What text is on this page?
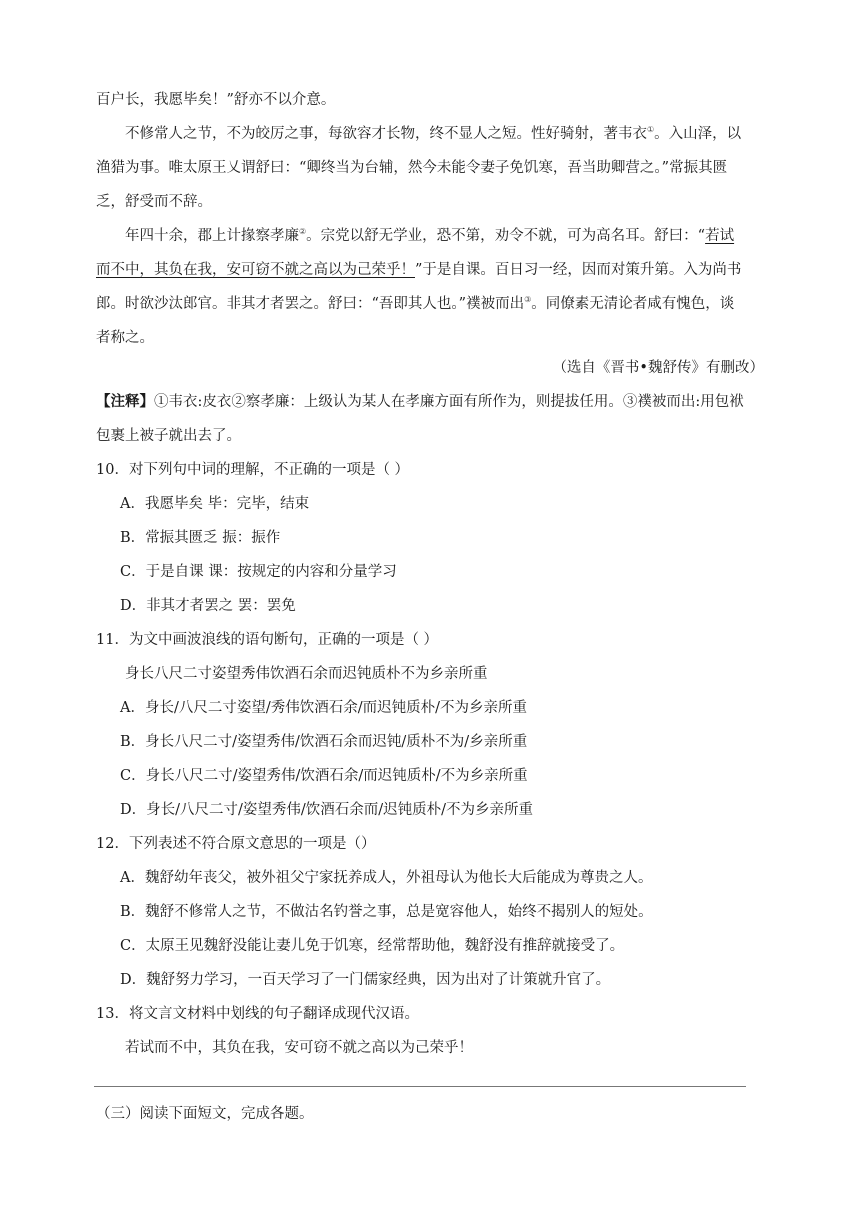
百户长，我愿毕矣！”舒亦不以介意。
不修常人之节，不为皎厉之事，每欲容才长物，终不显人之短。性好骑射，著韦衣①。入山泽，以
渔猎为事。唯太原王乂谓舒曰：“卿终当为台辅，然今未能令妻子免饥寒，吾当助卿营之。”常振其匮
乏，舒受而不辞。
年四十余，郡上计掾察孝廉②。宗党以舒无学业，恐不第，劝令不就，可为高名耳。舒曰：“若试
而不中，其负在我，安可窃不就之高以为己荣乎！”于是自课。百日习一经，因而对策升第。入为尚书
郎。时欲沙汰郎官。非其才者罢之。舒曰：“吾即其人也。”襆被而出③。同僚素无清论者咸有愧色，谈
者称之。
（选自《晋书•魏舒传》有删改）
【注释】①韦衣:皮衣②察孝廉：上级认为某人在孝廉方面有所作为，则提拔任用。③襆被而出:用包袱
包裹上被子就出去了。
10．对下列句中词的理解，不正确的一项是（ ）
A．我愿毕矣 毕：完毕，结束
B．常振其匮乏 振：振作
C．于是自课 课：按规定的内容和分量学习
D．非其才者罢之 罢：罢免
11．为文中画波浪线的语句断句，正确的一项是（ ）
身长八尺二寸姿望秀伟饮酒石余而迟钝质朴不为乡亲所重
A．身长/八尺二寸姿望/秀伟饮酒石余/而迟钝质朴/不为乡亲所重
B．身长八尺二寸/姿望秀伟/饮酒石余而迟钝/质朴不为/乡亲所重
C．身长八尺二寸/姿望秀伟/饮酒石余/而迟钝质朴/不为乡亲所重
D．身长/八尺二寸/姿望秀伟/饮酒石余而/迟钝质朴/不为乡亲所重
12．下列表述不符合原文意思的一项是（）
A．魏舒幼年丧父，被外祖父宁家抚养成人，外祖母认为他长大后能成为尊贵之人。
B．魏舒不修常人之节，不做沽名钓誉之事，总是宽容他人，始终不揭别人的短处。
C．太原王见魏舒没能让妻儿免于饥寒，经常帮助他，魏舒没有推辞就接受了。
D．魏舒努力学习，一百天学习了一门儒家经典，因为出对了计策就升官了。
13．将文言文材料中划线的句子翻译成现代汉语。
若试而不中，其负在我，安可窃不就之高以为己荣乎！
（三）阅读下面短文，完成各题。
